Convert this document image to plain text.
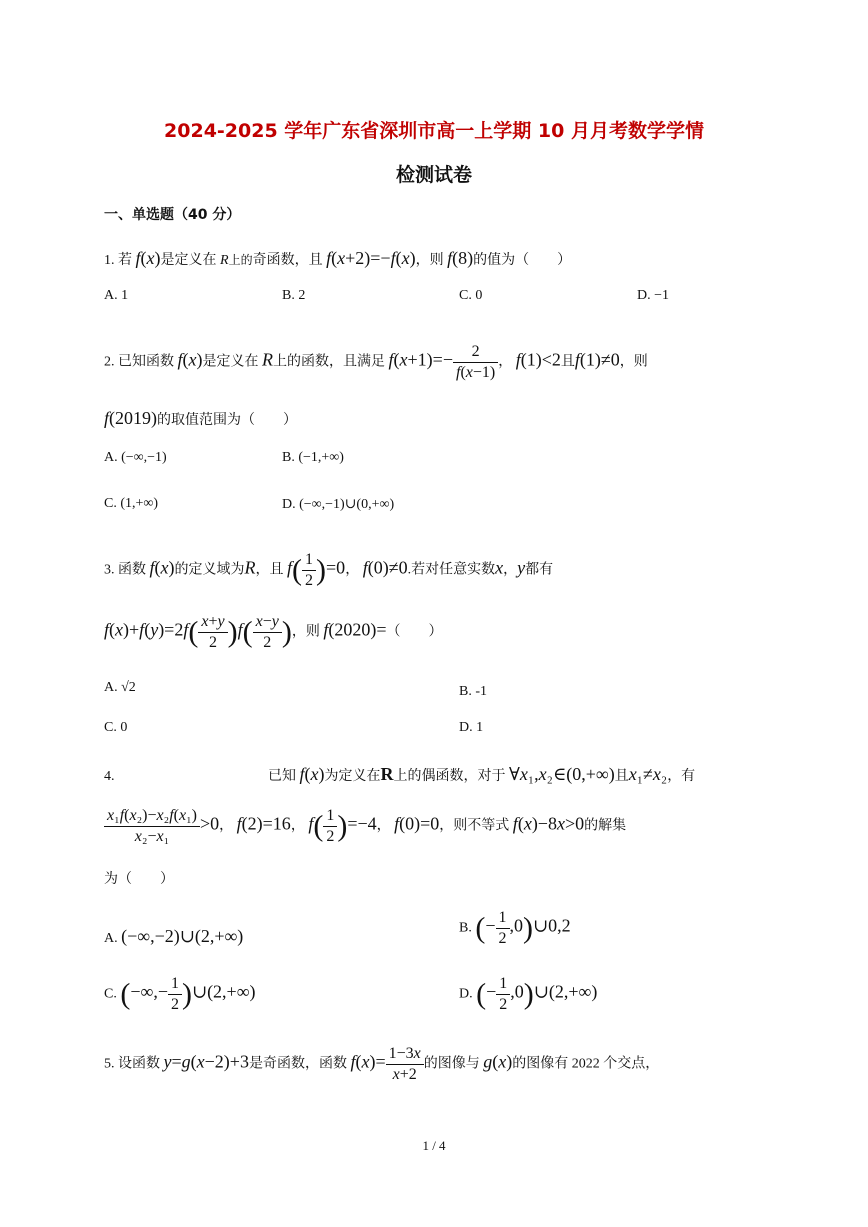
2024-2025 学年广东省深圳市高一上学期 10 月月考数学学情
检测试卷
一、单选题（40 分）
1. 若 f(x)是定义在 R上的奇函数，且 f(x+2)=−f(x)，则 f(8)的值为（　　）
A. 1	B. 2	C. 0	D. −1
2. 已知函数 f(x)是定义在 R上的函数，且满足 $f(x+1)=- \frac{2}{f(x-1)}$ ， f(1)<2且f(1)≠0，则
f(2019)的取值范围为（　　）
A. (−∞,−1)	B. (−1,+∞)
C. (1,+∞)	D. (−∞,−1)∪(0,+∞)
3. 函数 f(x)的定义域为R，且 $f( \frac{1}{2} )=0$， f(0)≠0.若对任意实数x，y都有
$f(x)+f(y)=2f( \frac{x+y}{2} )f( \frac{x-y}{2}$ )，则 f(2020)=（　　）
A. √2	B. -1
C. 0	D. 1
4.	已知 f(x)为定义在R上的偶函数，对于 ∀x₁,x₂∈(0,+∞)且x₁≠x₂，有
$\frac{\text{x₁f(x₂)−x₂f(x₁)}}{\text{x₂−x₁}} >0$， f(2)=16， $f( \frac{1}{2} )=-4$， f(0)=0，则不等式 f(x)−8x>0的解集
为（　　）
A. (−∞,−2)∪(2,+∞)	B. (− $\frac{1}{2}$ ,0)∪0,2
C. (−∞,− $\frac{1}{2}$ )∪(2,+∞)	D. (− $\frac{1}{2}$ ,0)∪(2,+∞)
5. 设函数 y=g(x−2)+3是奇函数，函数 $f(x)= \frac{1-3x}{x+2}$ 的图像与 g(x)的图像有 2022 个交点，
1 / 4
